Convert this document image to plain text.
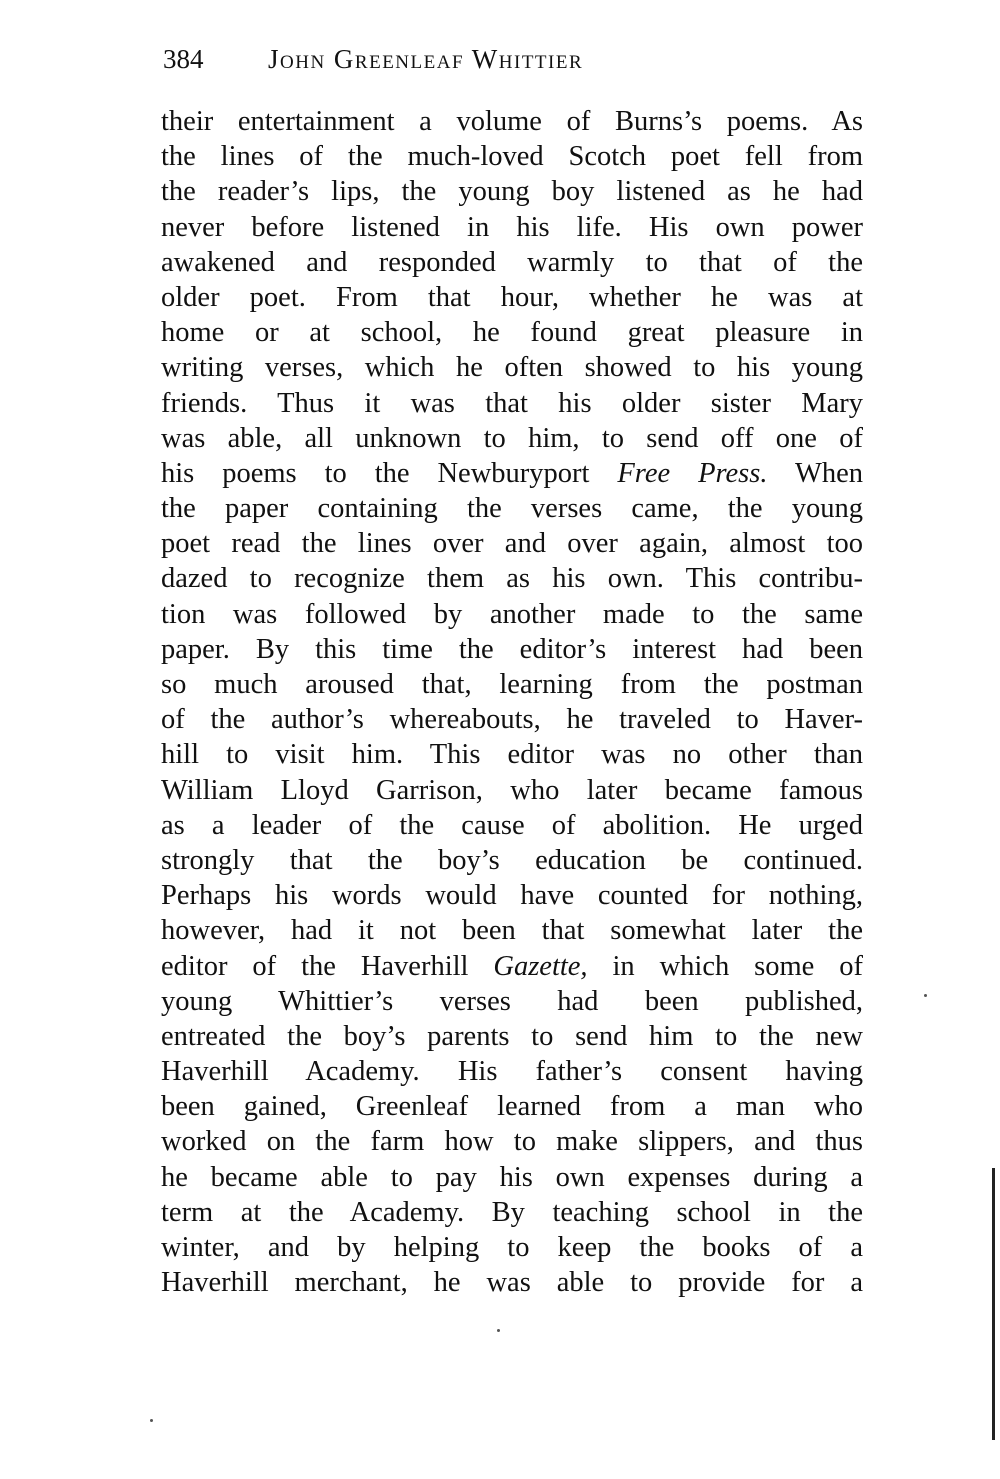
384 John Greenleaf Whittier
their entertainment a volume of Burns’s poems. As
the lines of the much-loved Scotch poet fell from
the reader’s lips, the young boy listened as he had
never before listened in his life. His own power
awakened and responded warmly to that of the
older poet. From that hour, whether he was at
home or at school, he found great pleasure in
writing verses, which he often showed to his young
friends. Thus it was that his older sister Mary
was able, all unknown to him, to send off one of
his poems to the Newburyport Free Press. When
the paper containing the verses came, the young
poet read the lines over and over again, almost too
dazed to recognize them as his own. This contribu-
tion was followed by another made to the same
paper. By this time the editor’s interest had been
so much aroused that, learning from the postman
of the author’s whereabouts, he traveled to Haver-
hill to visit him. This editor was no other than
William Lloyd Garrison, who later became famous
as a leader of the cause of abolition. He urged
strongly that the boy’s education be continued.
Perhaps his words would have counted for nothing,
however, had it not been that somewhat later the
editor of the Haverhill Gazette, in which some of
young Whittier’s verses had been published,
entreated the boy’s parents to send him to the new
Haverhill Academy. His father’s consent having
been gained, Greenleaf learned from a man who
worked on the farm how to make slippers, and thus
he became able to pay his own expenses during a
term at the Academy. By teaching school in the
winter, and by helping to keep the books of a
Haverhill merchant, he was able to provide for a
